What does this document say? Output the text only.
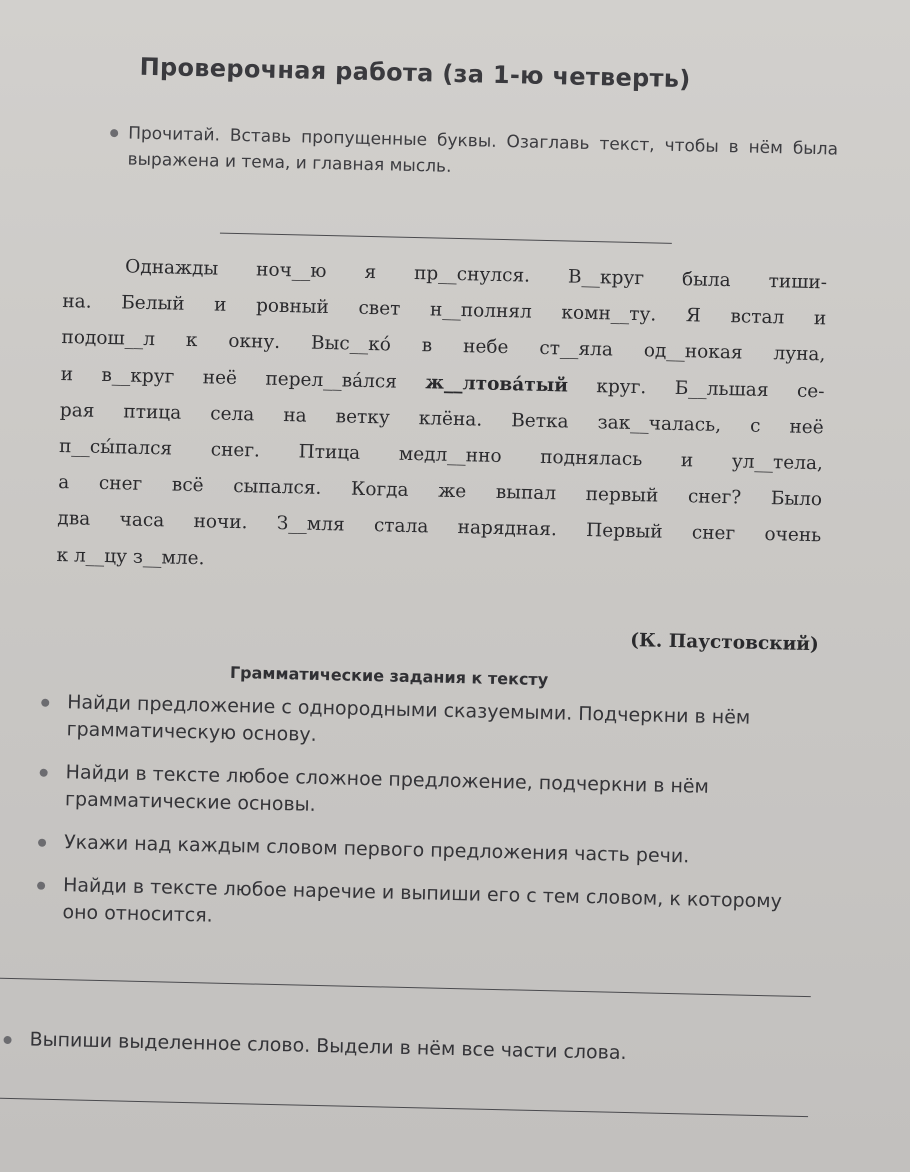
Проверочная работа (за 1-ю четверть)
Прочитай. Вставь пропущенные буквы. Озаглавь текст, чтобы в нём была выражена и тема, и главная мысль.
Однажды ноч__ю я пр__снулся. В__круг была тиши-
на. Белый и ровный свет н__полнял комн__ту. Я встал и
подош__л к окну. Выс__ко́ в небе ст__яла од__нокая луна,
и в__круг неё перел__ва́лся ж__лтова́тый круг. Б__льшая се-
рая птица села на ветку клёна. Ветка зак__чалась, с неё
п__сы́пался снег. Птица медл__нно поднялась и ул__тела,
а снег всё сыпался. Когда же выпал первый снег? Было
два часа ночи. З__мля стала нарядная. Первый снег очень
к л__цу з__мле.
(К. Паустовский)
Грамматические задания к тексту
Найди предложение с однородными сказуемыми. Подчеркни в нём грамматическую основу.
Найди в тексте любое сложное предложение, подчеркни в нём грамматические основы.
Укажи над каждым словом первого предложения часть речи.
Найди в тексте любое наречие и выпиши его с тем словом, к которому оно относится.
Выпиши выделенное слово. Выдели в нём все части слова.
